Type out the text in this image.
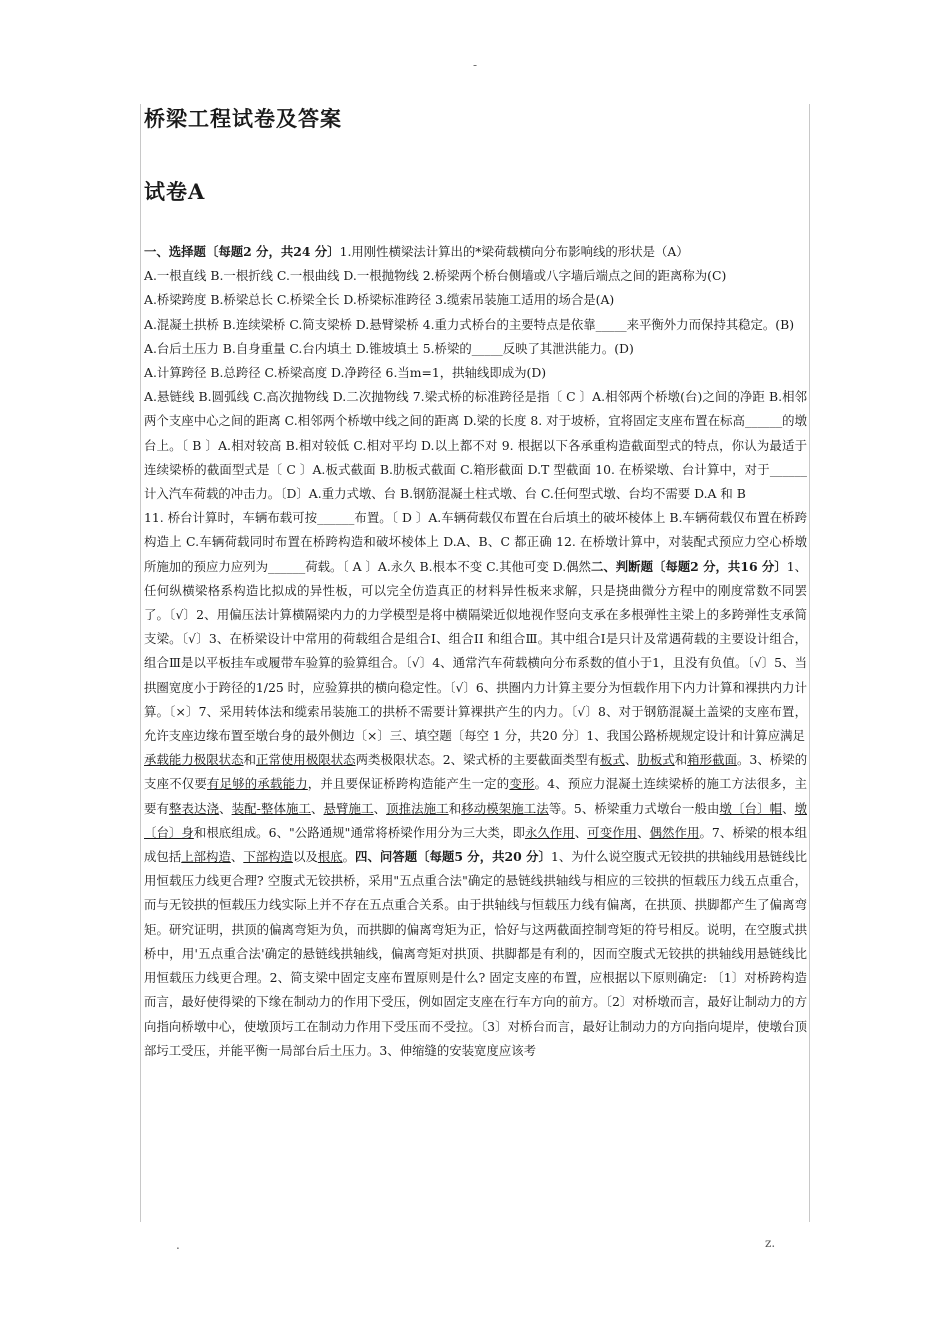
-
桥梁工程试卷及答案
试卷A

一、选择题〔每题2 分，共24 分〕1.用刚性横梁法计算出的*梁荷载横向分布影响线的形状是（A）

A.一根直线 B.一根折线 C.一根曲线 D.一根抛物线 2.桥梁两个桥台侧墙或八字墙后端点之间的距离称为(C)

A.桥梁跨度 B.桥梁总长 C.桥梁全长 D.桥梁标准跨径 3.缆索吊装施工适用的场合是(A)

A.混凝土拱桥 B.连续梁桥 C.简支梁桥 D.悬臂梁桥 4.重力式桥台的主要特点是依靠_____来平衡外力而保持其稳定。(B)

A.台后土压力 B.自身重量 C.台内填土 D.锥坡填土 5.桥梁的_____反映了其泄洪能力。(D)

A.计算跨径 B.总跨径 C.桥梁高度 D.净跨径 6.当m=1，拱轴线即成为(D)

A.悬链线 B.圆弧线 C.高次抛物线 D.二次抛物线 7.梁式桥的标准跨径是指〔 C 〕A.相邻两个桥墩(台)之间的净距 B.相邻两个支座中心之间的距离 C.相邻两个桥墩中线之间的距离 D.梁的长度 8. 对于坡桥，宜将固定支座布置在标高______的墩台上。〔 B 〕A.相对较高 B.相对较低 C.相对平均 D.以上都不对 9. 根据以下各承重构造截面型式的特点，你认为最适于连续梁桥的截面型式是〔 C 〕A.板式截面 B.肋板式截面 C.箱形截面 D.T 型截面 10. 在桥梁墩、台计算中，对于______计入汽车荷载的冲击力。〔D〕A.重力式墩、台 B.钢筋混凝土柱式墩、台 C.任何型式墩、台均不需要 D.A 和 B

11. 桥台计算时，车辆布载可按______布置。〔 D 〕A.车辆荷载仅布置在台后填土的破坏棱体上 B.车辆荷载仅布置在桥跨构造上 C.车辆荷载同时布置在桥跨构造和破坏棱体上 D.A、B、C 都正确 12. 在桥墩计算中，对装配式预应力空心桥墩所施加的预应力应列为______荷载。〔 A 〕A.永久 B.根本不变 C.其他可变 D.偶然二、判断题〔每题2 分，共16 分〕1、任何纵横梁格系构造比拟成的异性板，可以完全仿造真正的材料异性板来求解，只是挠曲微分方程中的刚度常数不同罢了。〔√〕2、用偏压法计算横隔梁内力的力学模型是将中横隔梁近似地视作竖向支承在多根弹性主梁上的多跨弹性支承简支梁。〔√〕3、在桥梁设计中常用的荷载组合是组合Ⅰ、组合II 和组合Ⅲ。其中组合Ⅰ是只计及常遇荷载的主要设计组合，组合Ⅲ是以平板挂车或履带车验算的验算组合。〔√〕4、通常汽车荷载横向分布系数的值小于1，且没有负值。〔√〕5、当拱圈宽度小于跨径的1/25 时，应验算拱的横向稳定性。〔√〕6、拱圈内力计算主要分为恒载作用下内力计算和裸拱内力计算。〔×〕7、采用转体法和缆索吊装施工的拱桥不需要计算裸拱产生的内力。〔√〕8、对于钢筋混凝土盖梁的支座布置，允许支座边缘布置至墩台身的最外侧边〔×〕三、填空题〔每空 1 分，共20 分〕1、我国公路桥规规定设计和计算应满足

承载能力极限状态和正常使用极限状态两类极限状态。2、梁式桥的主要截面类型有板式、肋板式和箱形截面。3、桥梁的支座不仅要有足够的承载能力，并且要保证桥跨构造能产生一定的变形。4、预应力混凝土连续梁桥的施工方法很多，主要有整表达浇、装配-整体施工、悬臂施工、顶推法施工和移动模架施工法等。5、桥梁重力式墩台一般由墩〔台〕帽、墩〔台〕身和根底组成。6、"公路通规"通常将桥梁作用分为三大类，即永久作用、可变作用、偶然作用。7、桥梁的根本组成包括上部构造、下部构造以及根底。四、问答题〔每题5 分，共20 分〕1、为什么说空腹式无铰拱的拱轴线用悬链线比用恒载压力线更合理? 空腹式无铰拱桥，采用"五点重合法"确定的悬链线拱轴线与相应的三铰拱的恒载压力线五点重合，而与无铰拱的恒载压力线实际上并不存在五点重合关系。由于拱轴线与恒载压力线有偏离，在拱顶、拱脚都产生了偏离弯矩。研究证明，拱顶的偏离弯矩为负，而拱脚的偏离弯矩为正，恰好与这两截面控制弯矩的符号相反。说明，在空腹式拱桥中，用'五点重合法'确定的悬链线拱轴线，偏离弯矩对拱顶、拱脚都是有利的，因而空腹式无铰拱的拱轴线用悬链线比用恒载压力线更合理。2、简支梁中固定支座布置原则是什么? 固定支座的布置，应根据以下原则确定: 〔1〕对桥跨构造而言，最好使得梁的下缘在制动力的作用下受压，例如固定支座在行车方向的前方。〔2〕对桥墩而言，最好让制动力的方向指向桥墩中心，使墩顶圬工在制动力作用下受压而不受拉。〔3〕对桥台而言，最好让制动力的方向指向堤岸，使墩台顶部圬工受压，并能平衡一局部台后土压力。3、伸缩缝的安装宽度应该考

.	z.
